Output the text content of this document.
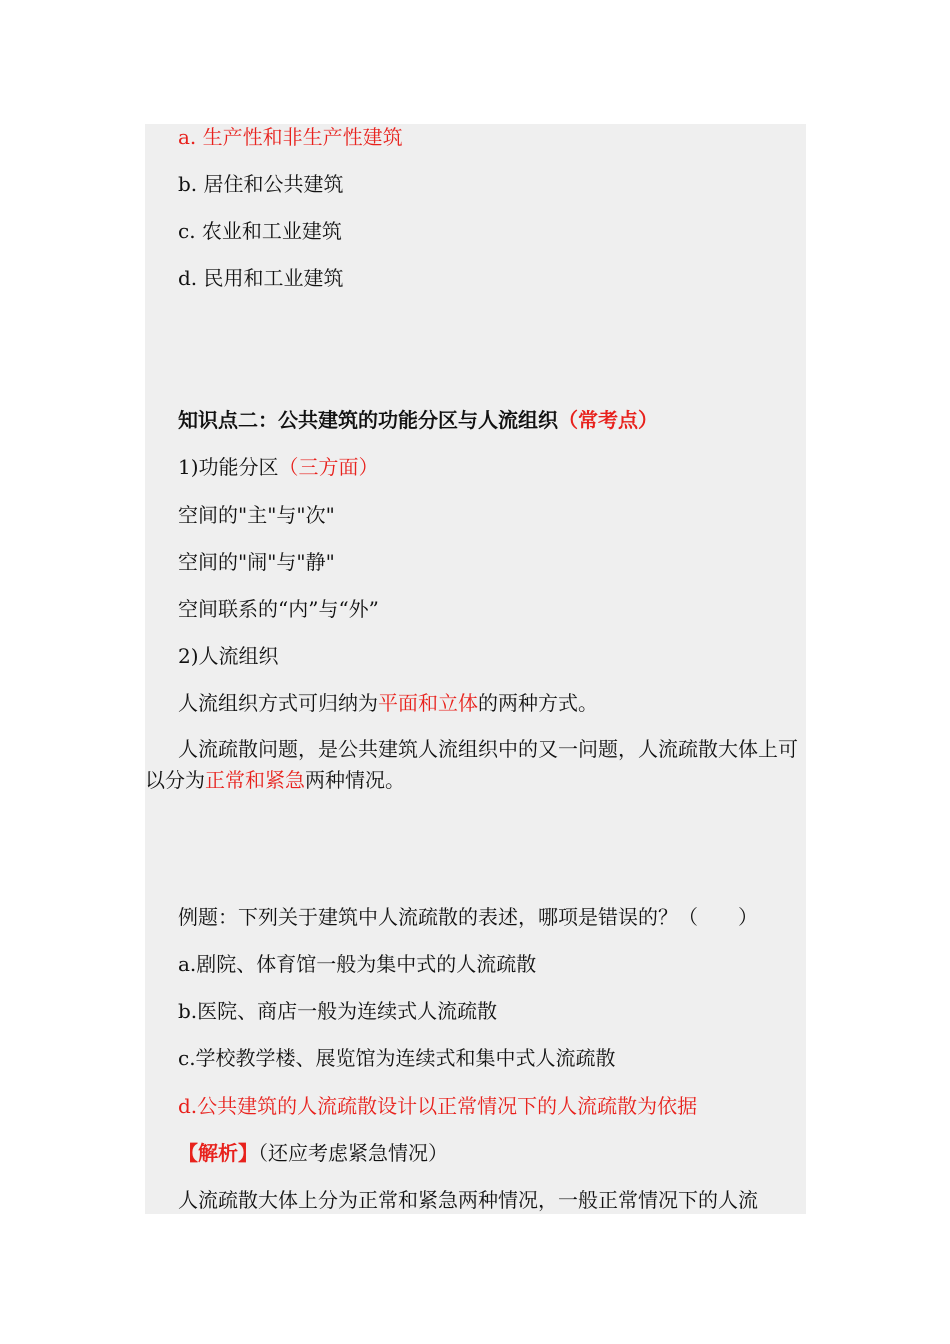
a. 生产性和非生产性建筑
b. 居住和公共建筑
c. 农业和工业建筑
d. 民用和工业建筑
知识点二：公共建筑的功能分区与人流组织（常考点）
1)功能分区（三方面）
空间的"主"与"次"
空间的"闹"与"静"
空间联系的“内”与“外”
2)人流组织
人流组织方式可归纳为平面和立体的两种方式。
人流疏散问题，是公共建筑人流组织中的又一问题，人流疏散大体上可以分为正常和紧急两种情况。
例题：下列关于建筑中人流疏散的表述，哪项是错误的？（　　）
a.剧院、体育馆一般为集中式的人流疏散
b.医院、商店一般为连续式人流疏散
c.学校教学楼、展览馆为连续式和集中式人流疏散
d.公共建筑的人流疏散设计以正常情况下的人流疏散为依据
【解析】（还应考虑紧急情况）
人流疏散大体上分为正常和紧急两种情况，一般正常情况下的人流
